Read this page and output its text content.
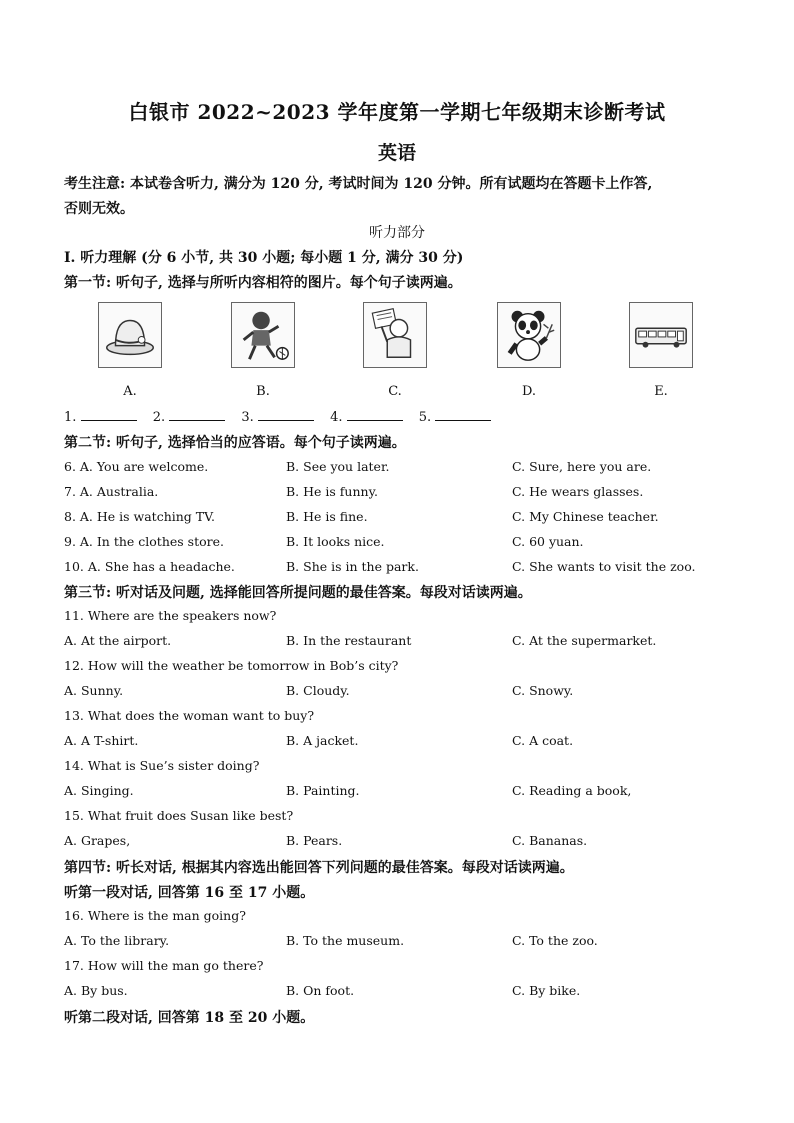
白银市 2022~2023 学年度第一学期七年级期末诊断考试
英语
考生注意: 本试卷含听力, 满分为 120 分, 考试时间为 120 分钟。所有试题均在答题卡上作答,
否则无效。
听力部分
I. 听力理解 (分 6 小节, 共 30 小题; 每小题 1 分, 满分 30 分)
第一节: 听句子, 选择与所听内容相符的图片。每个句子读两遍。
A.	B.	C.	D.	E.
1.	2.	3.	4.	5.
第二节: 听句子, 选择恰当的应答语。每个句子读两遍。
6. A. You are welcome.	B. See you later.	C. Sure, here you are.
7. A. Australia.	B. He is funny.	C. He wears glasses.
8. A. He is watching TV.	B. He is fine.	C. My Chinese teacher.
9. A. In the clothes store.	B. It looks nice.	C. 60 yuan.
10. A. She has a headache.	B. She is in the park.	C. She wants to visit the zoo.
第三节: 听对话及问题, 选择能回答所提问题的最佳答案。每段对话读两遍。
11. Where are the speakers now?
A. At the airport.	B. In the restaurant	C. At the supermarket.
12. How will the weather be tomorrow in Bob’s city?
A. Sunny.	B. Cloudy.	C. Snowy.
13. What does the woman want to buy?
A. A T-shirt.	B. A jacket.	C. A coat.
14. What is Sue’s sister doing?
A. Singing.	B. Painting.	C. Reading a book,
15. What fruit does Susan like best?
A. Grapes,	B. Pears.	C. Bananas.
第四节: 听长对话, 根据其内容选出能回答下列问题的最佳答案。每段对话读两遍。
听第一段对话, 回答第 16 至 17 小题。
16. Where is the man going?
A. To the library.	B. To the museum.	C. To the zoo.
17. How will the man go there?
A. By bus.	B. On foot.	C. By bike.
听第二段对话, 回答第 18 至 20 小题。
